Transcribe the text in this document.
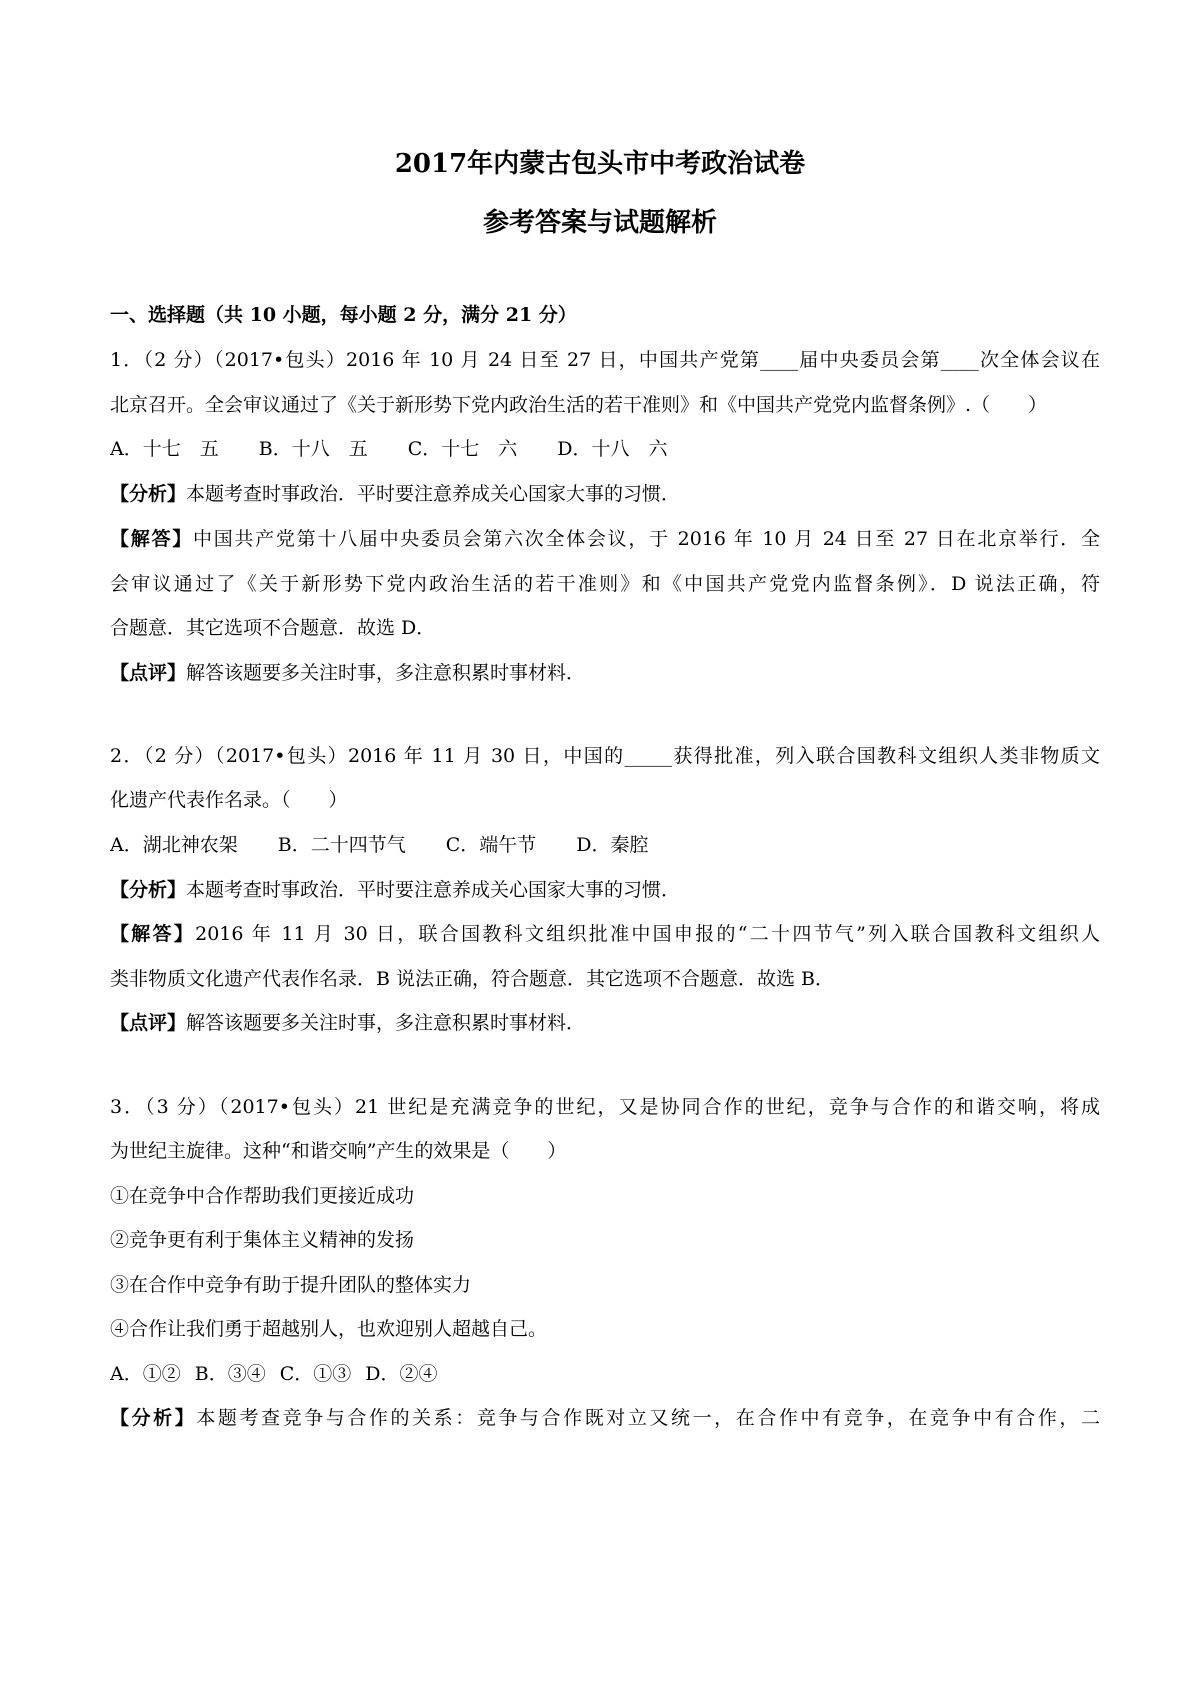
2017年内蒙古包头市中考政治试卷
参考答案与试题解析
一、选择题（共 10 小题，每小题 2 分，满分 21 分）
1．（2 分）（2017•包头）2016 年 10 月 24 日至 27 日，中国共产党第____届中央委员会第____次全体会议在
北京召开。全会审议通过了《关于新形势下党内政治生活的若干准则》和《中国共产党党内监督条例》.（　　）
A．十七　五 B．十八　五 C．十七　六 D．十八　六
【分析】本题考查时事政治．平时要注意养成关心国家大事的习惯．
【解答】中国共产党第十八届中央委员会第六次全体会议，于 2016 年 10 月 24 日至 27 日在北京举行．全
会审议通过了《关于新形势下党内政治生活的若干准则》和《中国共产党党内监督条例》．D 说法正确，符
合题意．其它选项不合题意．故选 D．
【点评】解答该题要多关注时事，多注意积累时事材料．
2．（2 分）（2017•包头）2016 年 11 月 30 日，中国的_____获得批准，列入联合国教科文组织人类非物质文
化遗产代表作名录。（　　）
A．湖北神农架 B．二十四节气 C．端午节 D．秦腔
【分析】本题考查时事政治．平时要注意养成关心国家大事的习惯．
【解答】2016 年 11 月 30 日，联合国教科文组织批准中国申报的“二十四节气”列入联合国教科文组织人
类非物质文化遗产代表作名录．B 说法正确，符合题意．其它选项不合题意．故选 B．
【点评】解答该题要多关注时事，多注意积累时事材料．
3．（3 分）（2017•包头）21 世纪是充满竞争的世纪，又是协同合作的世纪，竞争与合作的和谐交响，将成
为世纪主旋律。这种“和谐交响”产生的效果是（　　）
①在竞争中合作帮助我们更接近成功
②竞争更有利于集体主义精神的发扬
③在合作中竞争有助于提升团队的整体实力
④合作让我们勇于超越别人，也欢迎别人超越自己。
A．①② B．③④ C．①③ D．②④
【分析】本题考查竞争与合作的关系：竞争与合作既对立又统一，在合作中有竞争，在竞争中有合作，二
